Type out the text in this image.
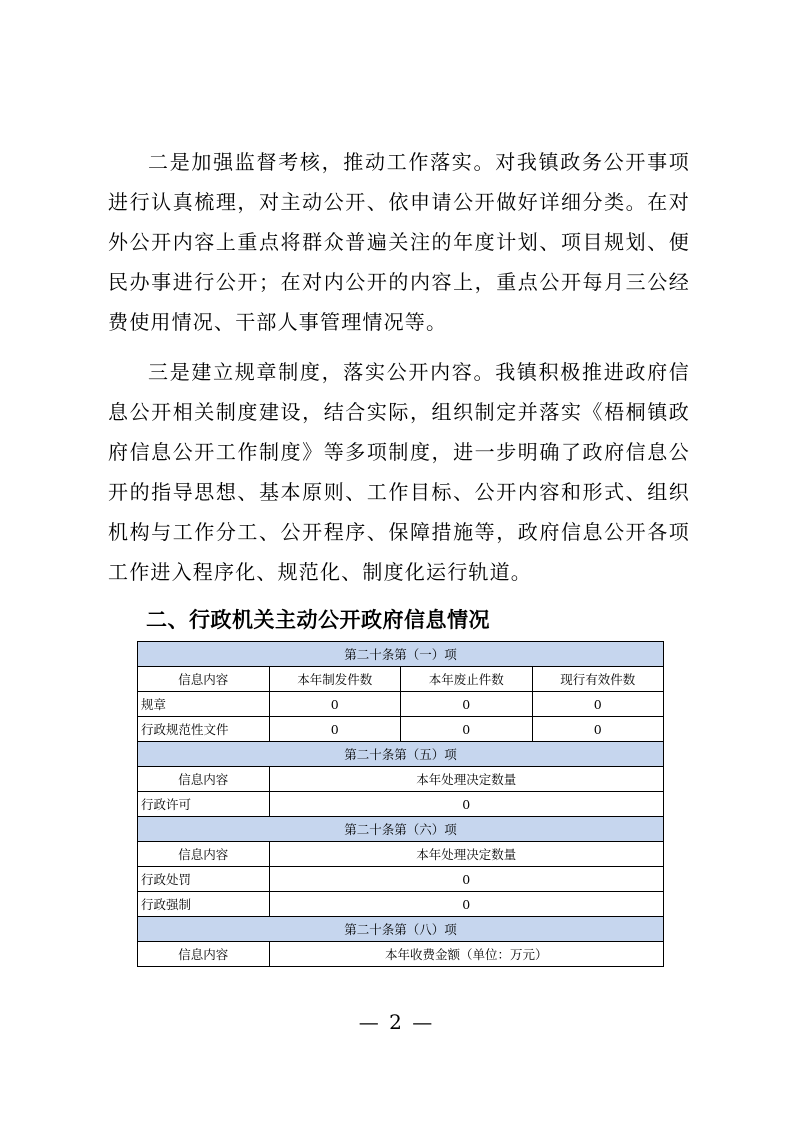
二是加强监督考核，推动工作落实。对我镇政务公开事项进行认真梳理，对主动公开、依申请公开做好详细分类。在对外公开内容上重点将群众普遍关注的年度计划、项目规划、便民办事进行公开；在对内公开的内容上，重点公开每月三公经费使用情况、干部人事管理情况等。

三是建立规章制度，落实公开内容。我镇积极推进政府信息公开相关制度建设，结合实际，组织制定并落实《梧桐镇政府信息公开工作制度》等多项制度，进一步明确了政府信息公开的指导思想、基本原则、工作目标、公开内容和形式、组织机构与工作分工、公开程序、保障措施等，政府信息公开各项工作进入程序化、规范化、制度化运行轨道。

二、行政机关主动公开政府信息情况
第二十条第（一）项			
信息内容	本年制发件数	本年废止件数	现行有效件数
规章	0	0	0
行政规范性文件	0	0	0
第二十条第（五）项			
信息内容	本年处理决定数量		
行政许可	0		
第二十条第（六）项			
信息内容	本年处理决定数量		
行政处罚	0		
行政强制	0		
第二十条第（八）项			
信息内容	本年收费金额（单位：万元）		
— 2 —
